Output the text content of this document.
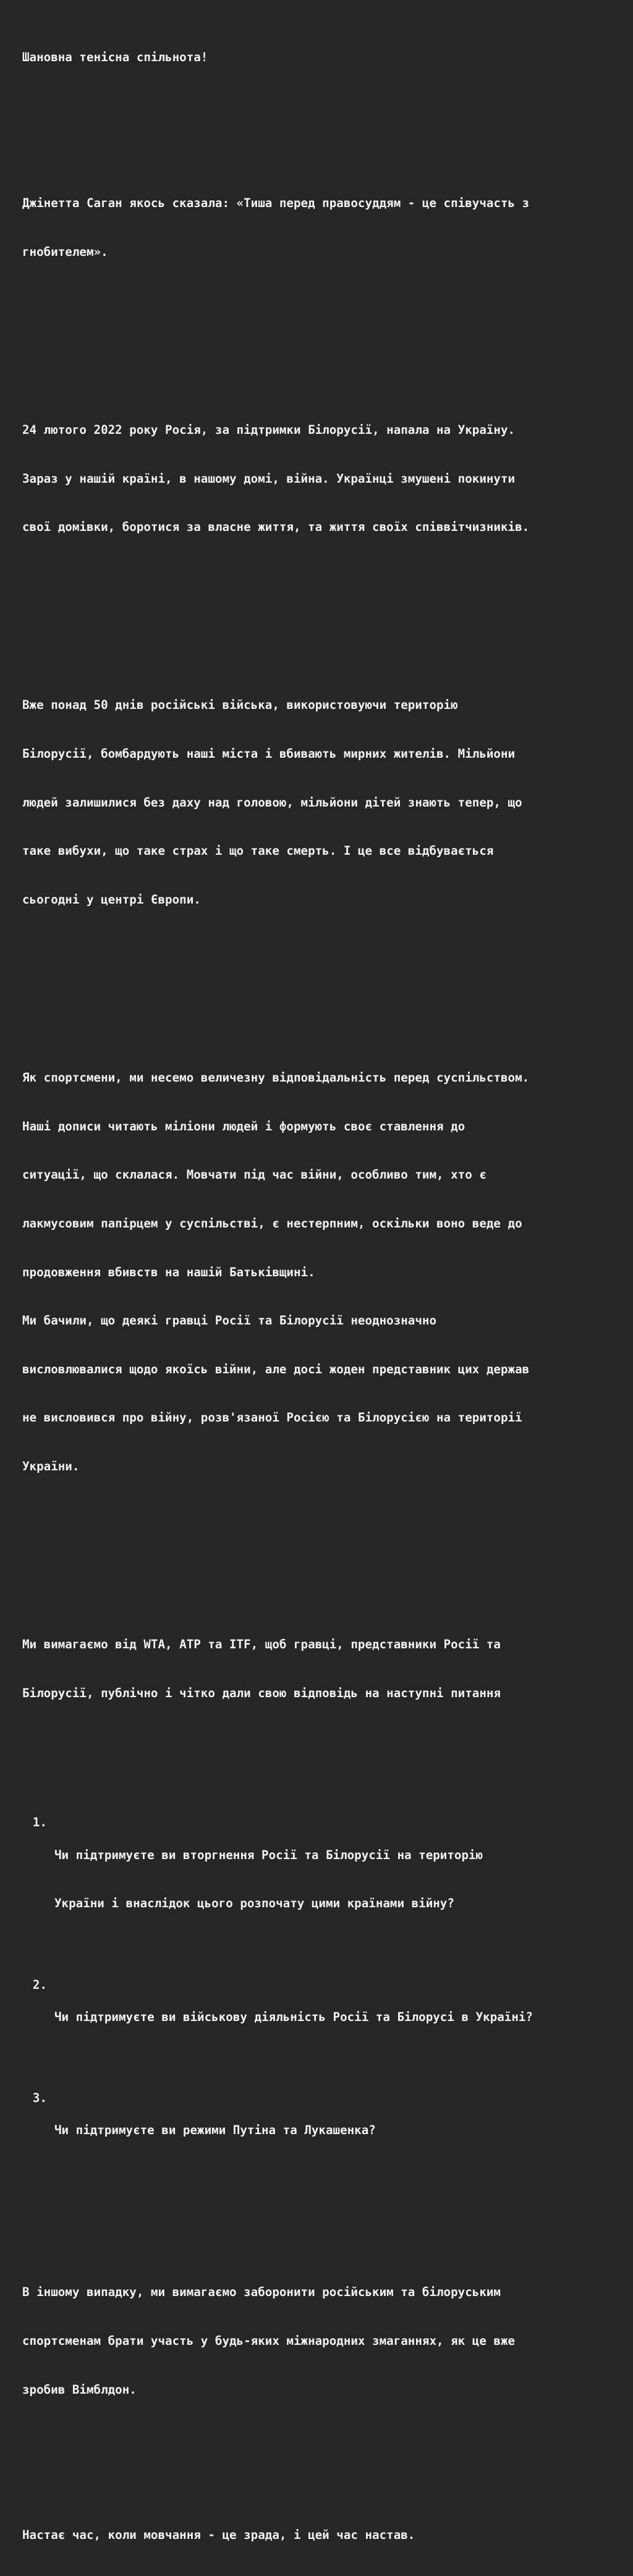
Шановна тенісна спільнота!

Джінетта Саган якось сказала: «Тиша перед правосуддям - це співучасть з

гнобителем».

24 лютого 2022 року Росія, за підтримки Білорусії, напала на Україну.

Зараз у нашій країні, в нашому домі, війна. Українці змушені покинути

свої домівки, боротися за власне життя, та життя своїх співвітчизників.

Вже понад 50 днів російські війська, використовуючи територію

Білорусії, бомбардують наші міста і вбивають мирних жителів. Мільйони

людей залишилися без даху над головою, мільйони дітей знають тепер, що

таке вибухи, що таке страх і що таке смерть. І це все відбувається

сьогодні у центрі Європи.

Як спортсмени, ми несемо величезну відповідальність перед суспільством.

Наші дописи читають міліони людей і формують своє ставлення до

ситуації, що склалася. Мовчати під час війни, особливо тим, хто є

лакмусовим папірцем у суспільстві, є нестерпним, оскільки воно веде до

продовження вбивств на нашій Батьківщині.

Ми бачили, що деякі гравці Росії та Білорусії неоднозначно

висловлювалися щодо якоїсь війни, але досі жоден представник цих держав

не висловився про війну, розв'язаної Росією та Білорусією на території

України.

Ми вимагаємо від WTA, ATP та ITF, щоб гравці, представники Росії та

Білорусії, публічно і чітко дали свою відповідь на наступні питання

1.

Чи підтримуєте ви вторгнення Росії та Білорусії на територію

України і внаслідок цього розпочату цими країнами війну?

2.

Чи підтримуєте ви військову діяльність Росії та Білорусі в Україні?

3.

Чи підтримуєте ви режими Путіна та Лукашенка?

В іншому випадку, ми вимагаємо заборонити російським та білоруським

спортсменам брати участь у будь-яких міжнародних змаганнях, як це вже

зробив Вімблдон.

Настає час, коли мовчання - це зрада, і цей час настав.
